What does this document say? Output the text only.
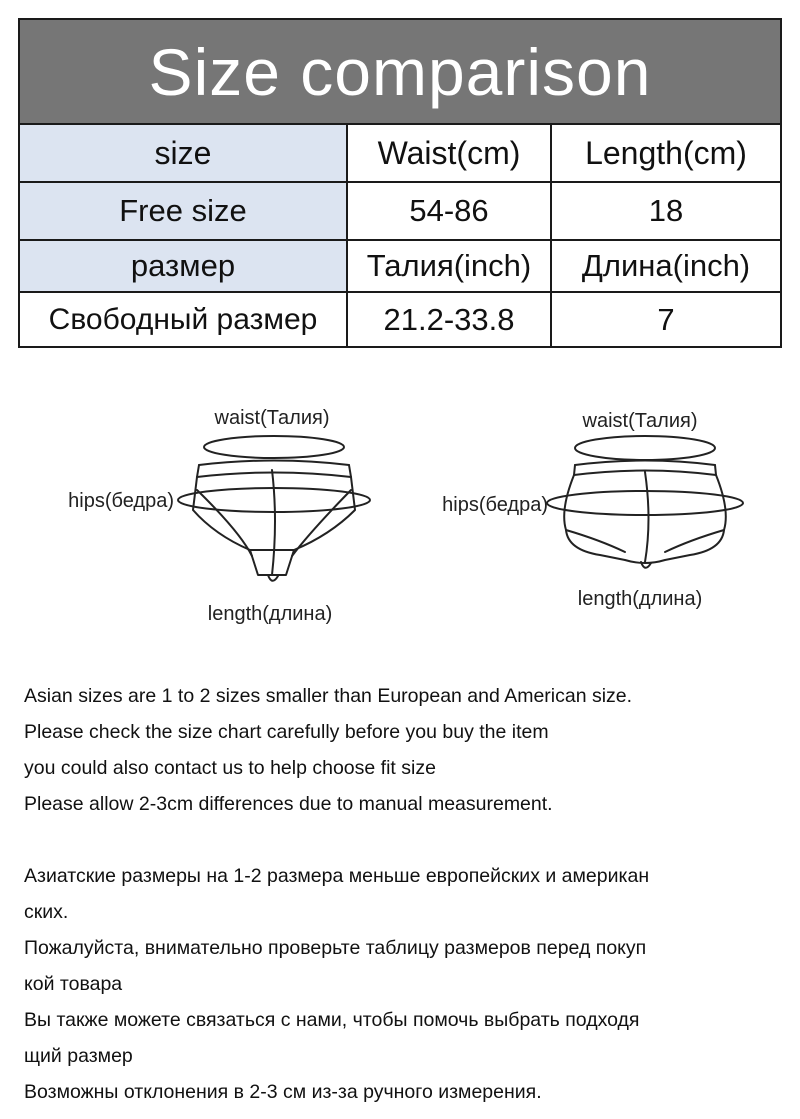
Size comparison
size	Waist(cm)	Length(cm)
Free size	54-86	18
размер	Талия(inch)	Длина(inch)
Свободный размер	21.2-33.8	7
waist(Талия)
hips(бедра)
length(длина)
waist(Талия)
hips(бедра)
length(длина)

Asian sizes are 1 to 2 sizes smaller than European and American size.

Please check the size chart carefully before you buy the item

you could also contact us to help choose fit size

Please allow 2-3cm differences due to manual measurement.

Азиатские размеры на 1-2 размера меньше европейских и американ

ских.

Пожалуйста, внимательно проверьте таблицу размеров перед покуп

кой товара

Вы также можете связаться с нами, чтобы помочь выбрать подходя

щий размер

Возможны отклонения в 2-3 см из-за ручного измерения.
